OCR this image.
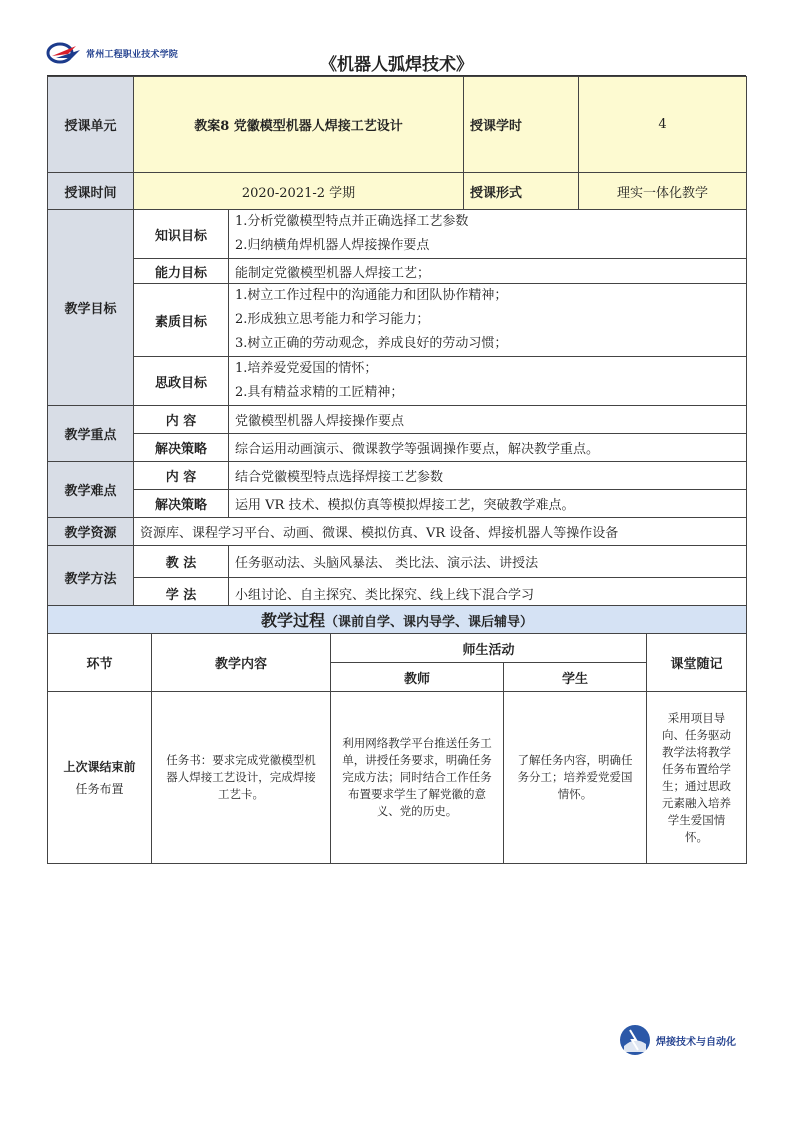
常州工程职业技术学院
《机器人弧焊技术》
授课单元	教案8 党徽模型机器人焊接工艺设计	授课学时	4
授课时间	2020-2021-2 学期	授课形式	理实一体化教学
教学目标	知识目标	1.分析党徽模型特点并正确选择工艺参数
2.归纳横角焊机器人焊接操作要点

	能力目标	能制定党徽模型机器人焊接工艺；
	素质目标	1.树立工作过程中的沟通能力和团队协作精神；
2.形成独立思考能力和学习能力；
3.树立正确的劳动观念，养成良好的劳动习惯；

	思政目标	1.培养爱党爱国的情怀；
2.具有精益求精的工匠精神；

教学重点	内 容	党徽模型机器人焊接操作要点
	解决策略	综合运用动画演示、微课教学等强调操作要点，解决教学重点。
教学难点	内 容	结合党徽模型特点选择焊接工艺参数
	解决策略	运用 VR 技术、模拟仿真等模拟焊接工艺，突破教学难点。
教学资源	资源库、课程学习平台、动画、微课、模拟仿真、VR 设备、焊接机器人等操作设备	
教学方法	教 法	任务驱动法、头脑风暴法、 类比法、演示法、讲授法
	学 法	小组讨论、自主探究、类比探究、线上线下混合学习
教学过程（课前自学、课内导学、课后辅导）				
环节	教学内容	师生活动		课堂随记
		教师	学生	

上次课结束前
任务布置	任务书：要求完成党徽模型机器人焊接工艺设计，完成焊接工艺卡。	利用网络教学平台推送任务工单，讲授任务要求，明确任务完成方法；同时结合工作任务布置要求学生了解党徽的意义、党的历史。	了解任务内容，明确任务分工；培养爱党爱国情怀。	采用项目导向、任务驱动教学法将教学任务布置给学生；通过思政元素融入培养学生爱国情怀。
焊接技术与自动化
